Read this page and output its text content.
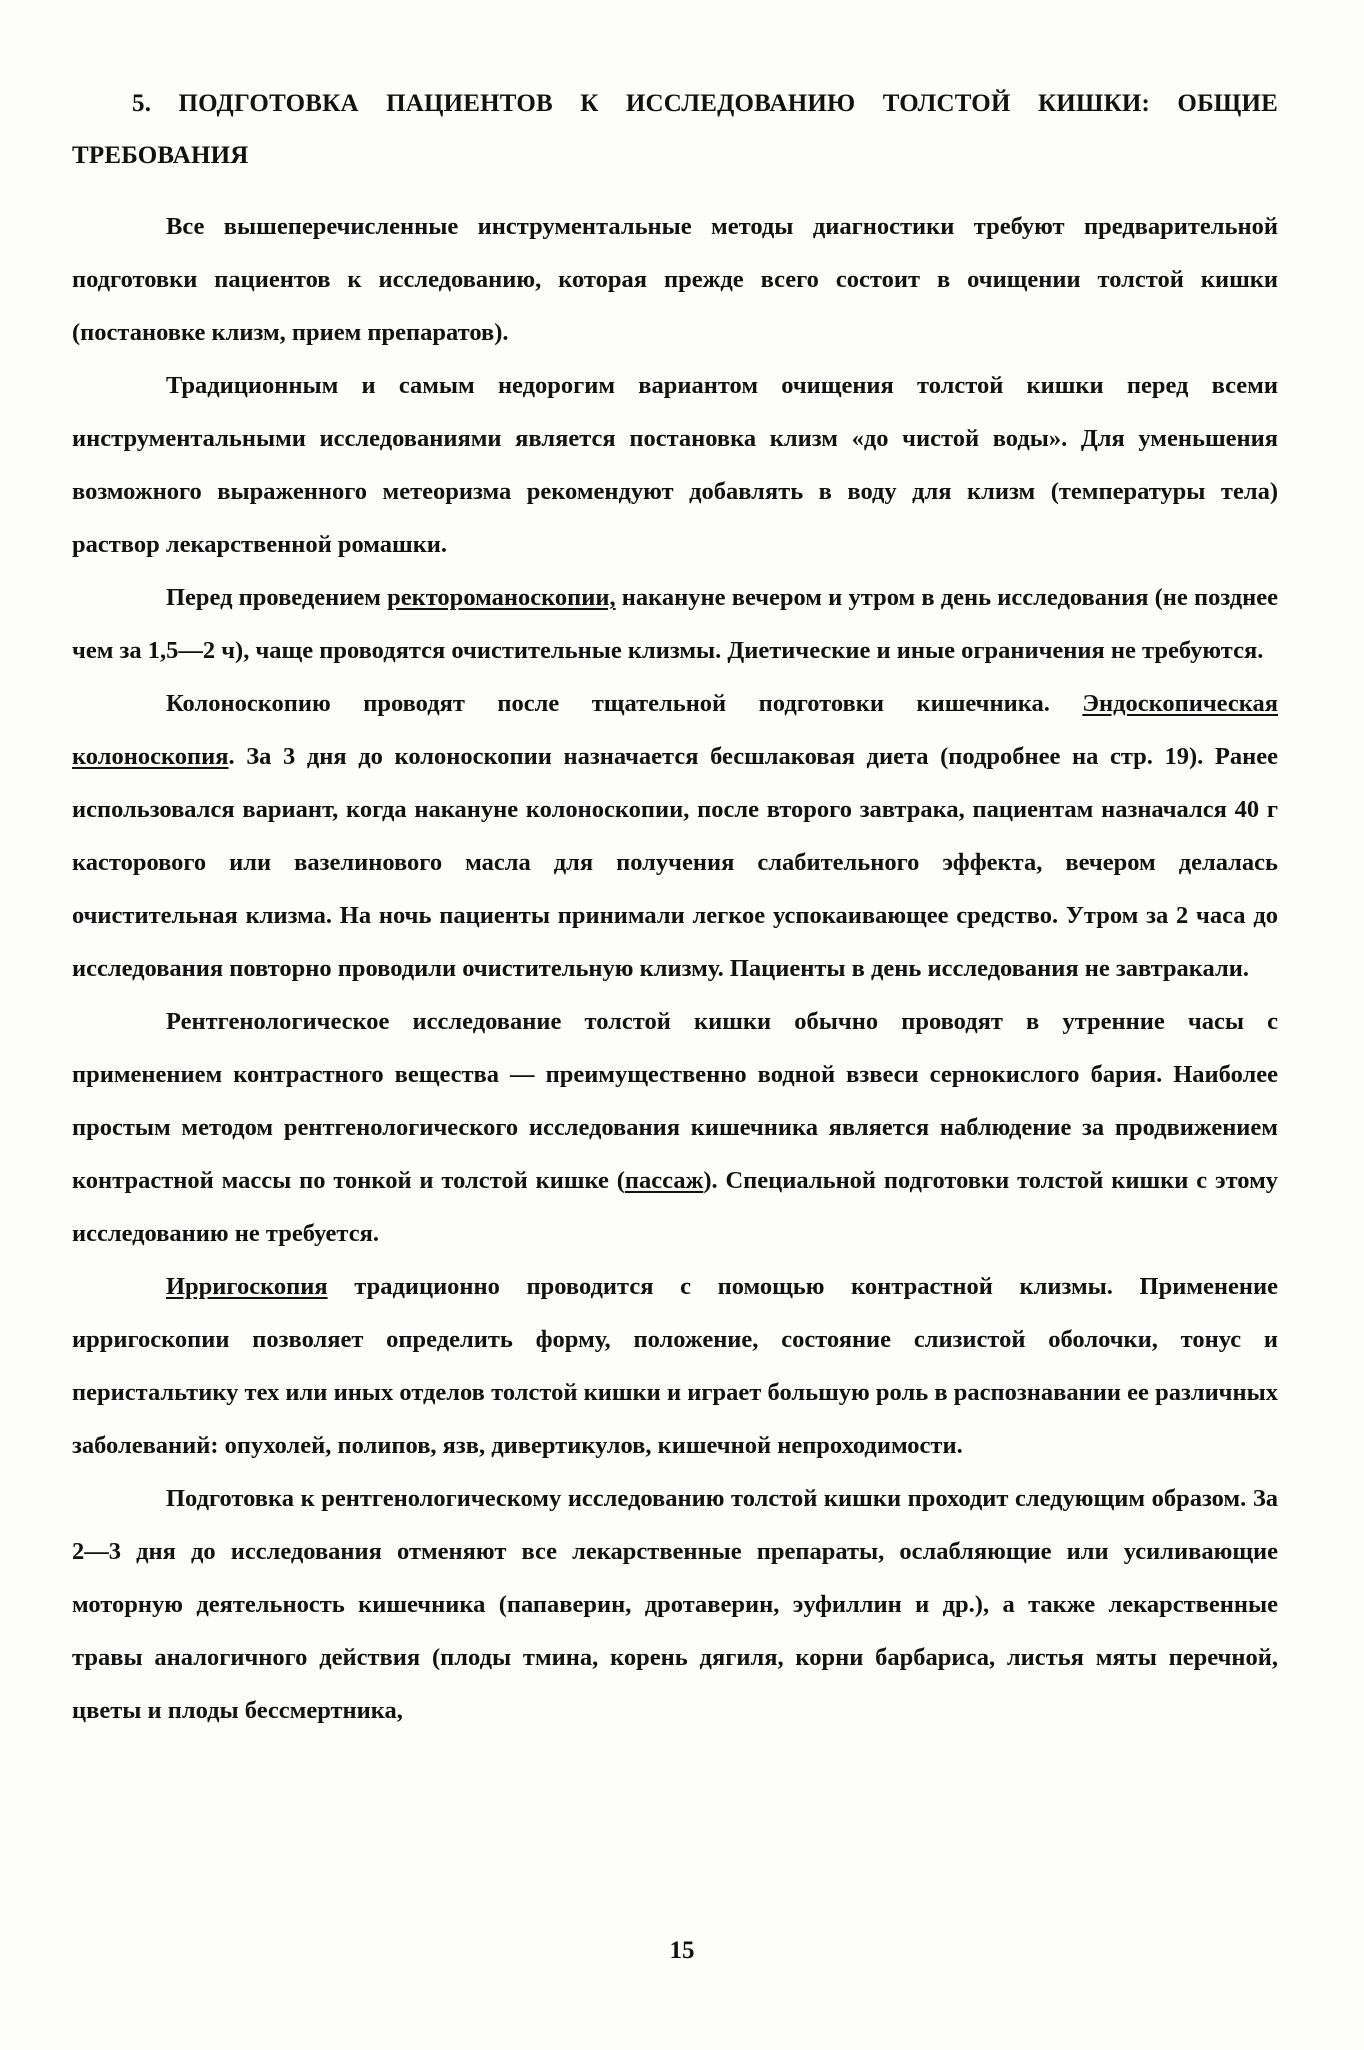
5. ПОДГОТОВКА ПАЦИЕНТОВ К ИССЛЕДОВАНИЮ ТОЛСТОЙ КИШКИ: ОБЩИЕ ТРЕБОВАНИЯ

Все вышеперечисленные инструментальные методы диагностики требуют предварительной подготовки пациентов к исследованию, которая прежде всего состоит в очищении толстой кишки (постановке клизм, прием препаратов).

Традиционным и самым недорогим вариантом очищения толстой кишки перед всеми инструментальными исследованиями является постановка клизм «до чистой воды». Для уменьшения возможного выраженного метеоризма рекомендуют добавлять в воду для клизм (температуры тела) раствор лекарственной ромашки.

Перед проведением ректороманоскопии, накануне вечером и утром в день исследования (не позднее чем за 1,5—2 ч), чаще проводятся очистительные клизмы. Диетические и иные ограничения не требуются.

Колоноскопию проводят после тщательной подготовки кишечника. Эндоскопическая колоноскопия. За 3 дня до колоноскопии назначается бесшлаковая диета (подробнее на стр. 19). Ранее использовался вариант, когда накануне колоноскопии, после второго завтрака, пациентам назначался 40 г касторового или вазелинового масла для получения слабительного эффекта, вечером делалась очистительная клизма. На ночь пациенты принимали легкое успокаивающее средство. Утром за 2 часа до исследования повторно проводили очистительную клизму. Пациенты в день исследования не завтракали.

Рентгенологическое исследование толстой кишки обычно проводят в утренние часы с применением контрастного вещества — преимущественно водной взвеси сернокислого бария. Наиболее простым методом рентгенологического исследования кишечника является наблюдение за продвижением контрастной массы по тонкой и толстой кишке (пассаж). Специальной подготовки толстой кишки с этому исследованию не требуется.

Ирригоскопия традиционно проводится с помощью контрастной клизмы. Применение ирригоскопии позволяет определить форму, положение, состояние слизистой оболочки, тонус и перистальтику тех или иных отделов толстой кишки и играет большую роль в распознавании ее различных заболеваний: опухолей, полипов, язв, дивертикулов, кишечной непроходимости.

Подготовка к рентгенологическому исследованию толстой кишки проходит следующим образом. За 2—3 дня до исследования отменяют все лекарственные препараты, ослабляющие или усиливающие моторную деятельность кишечника (папаверин, дротаверин, эуфиллин и др.), а также лекарственные травы аналогичного действия (плоды тмина, корень дягиля, корни барбариса, листья мяты перечной, цветы и плоды бессмертника,

15
